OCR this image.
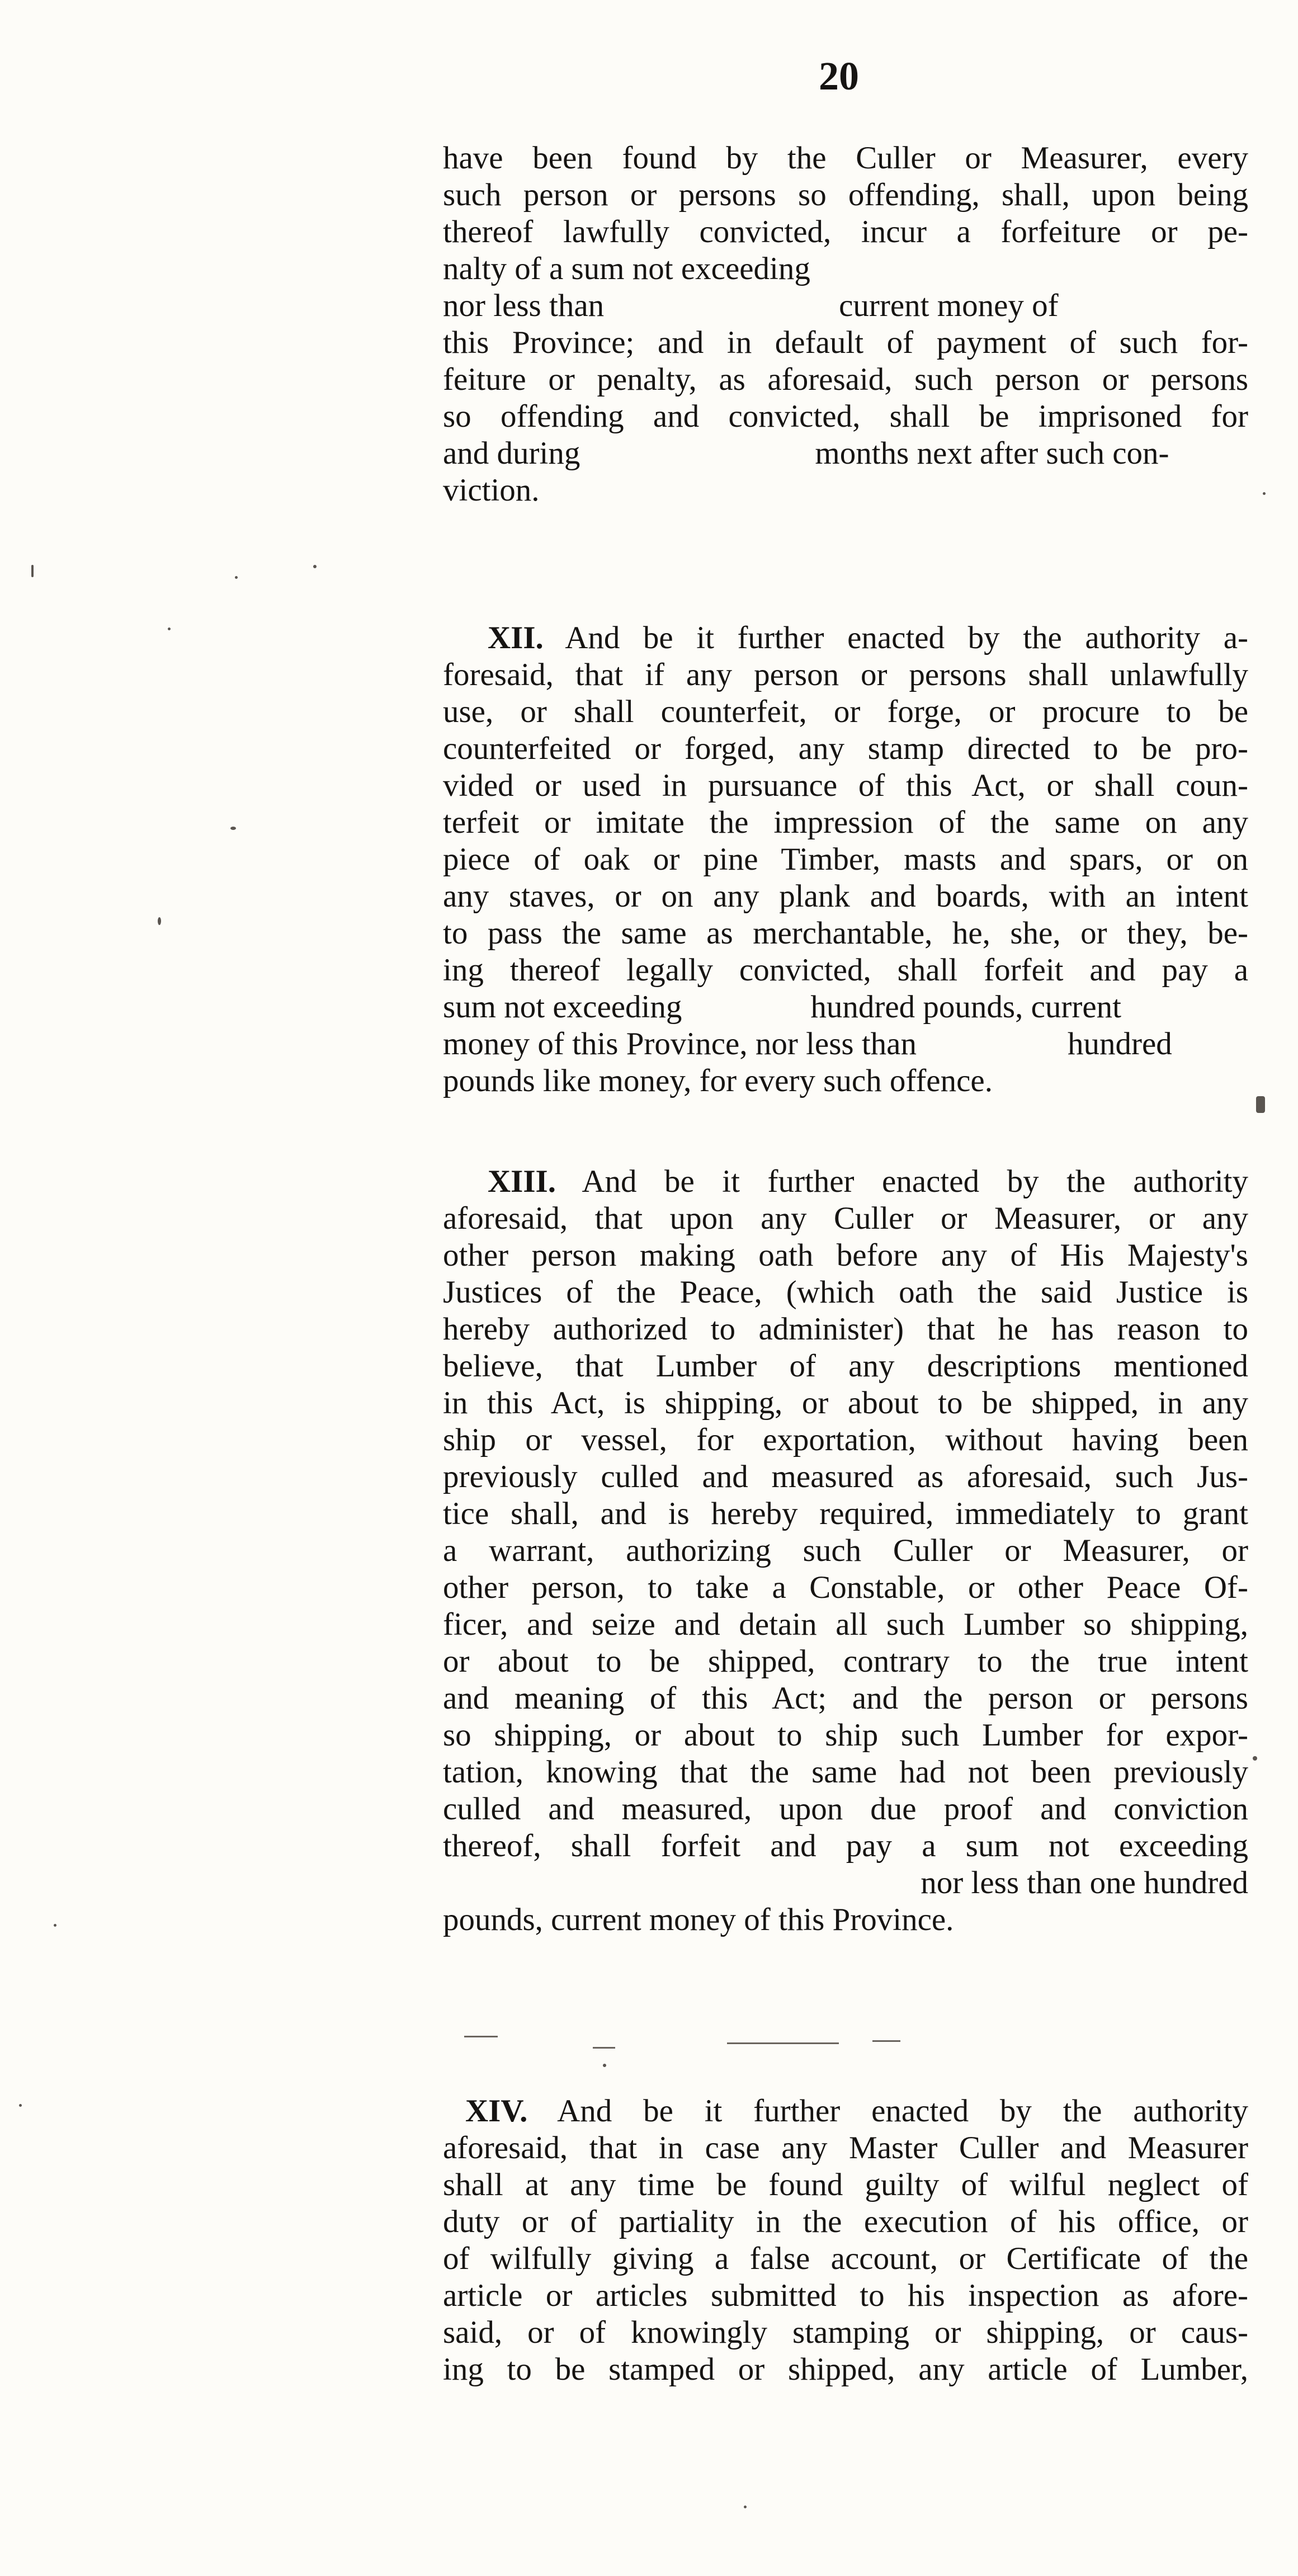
20
have been found by the Culler or Measurer, every
such person or persons so offending, shall, upon being
thereof lawfully convicted, incur a forfeiture or pe-
nalty of a sum not exceeding
nor less than	current money of
this Province; and in default of payment of such for-
feiture or penalty, as aforesaid, such person or persons
so offending and convicted, shall be imprisoned for
and during	months next after such con-
viction.
XII. And be it further enacted by the authority a-
foresaid, that if any person or persons shall unlawfully
use, or shall counterfeit, or forge, or procure to be
counterfeited or forged, any stamp directed to be pro-
vided or used in pursuance of this Act, or shall coun-
terfeit or imitate the impression of the same on any
piece of oak or pine Timber, masts and spars, or on
any staves, or on any plank and boards, with an intent
to pass the same as merchantable, he, she, or they, be-
ing thereof legally convicted, shall forfeit and pay a
sum not exceeding	hundred pounds, current
money of this Province, nor less than	hundred
pounds like money, for every such offence.
XIII. And be it further enacted by the authority
aforesaid, that upon any Culler or Measurer, or any
other person making oath before any of His Majesty's
Justices of the Peace, (which oath the said Justice is
hereby authorized to administer) that he has reason to
believe, that Lumber of any descriptions mentioned
in this Act, is shipping, or about to be shipped, in any
ship or vessel, for exportation, without having been
previously culled and measured as aforesaid, such Jus-
tice shall, and is hereby required, immediately to grant
a warrant, authorizing such Culler or Measurer, or
other person, to take a Constable, or other Peace Of-
ficer, and seize and detain all such Lumber so shipping,
or about to be shipped, contrary to the true intent
and meaning of this Act; and the person or persons
so shipping, or about to ship such Lumber for expor-
tation, knowing that the same had not been previously
culled and measured, upon due proof and conviction
thereof, shall forfeit and pay a sum not exceeding
nor less than one hundred
pounds, current money of this Province.
XIV. And be it further enacted by the authority
aforesaid, that in case any Master Culler and Measurer
shall at any time be found guilty of wilful neglect of
duty or of partiality in the execution of his office, or
of wilfully giving a false account, or Certificate of the
article or articles submitted to his inspection as afore-
said, or of knowingly stamping or shipping, or caus-
ing to be stamped or shipped, any article of Lumber,
